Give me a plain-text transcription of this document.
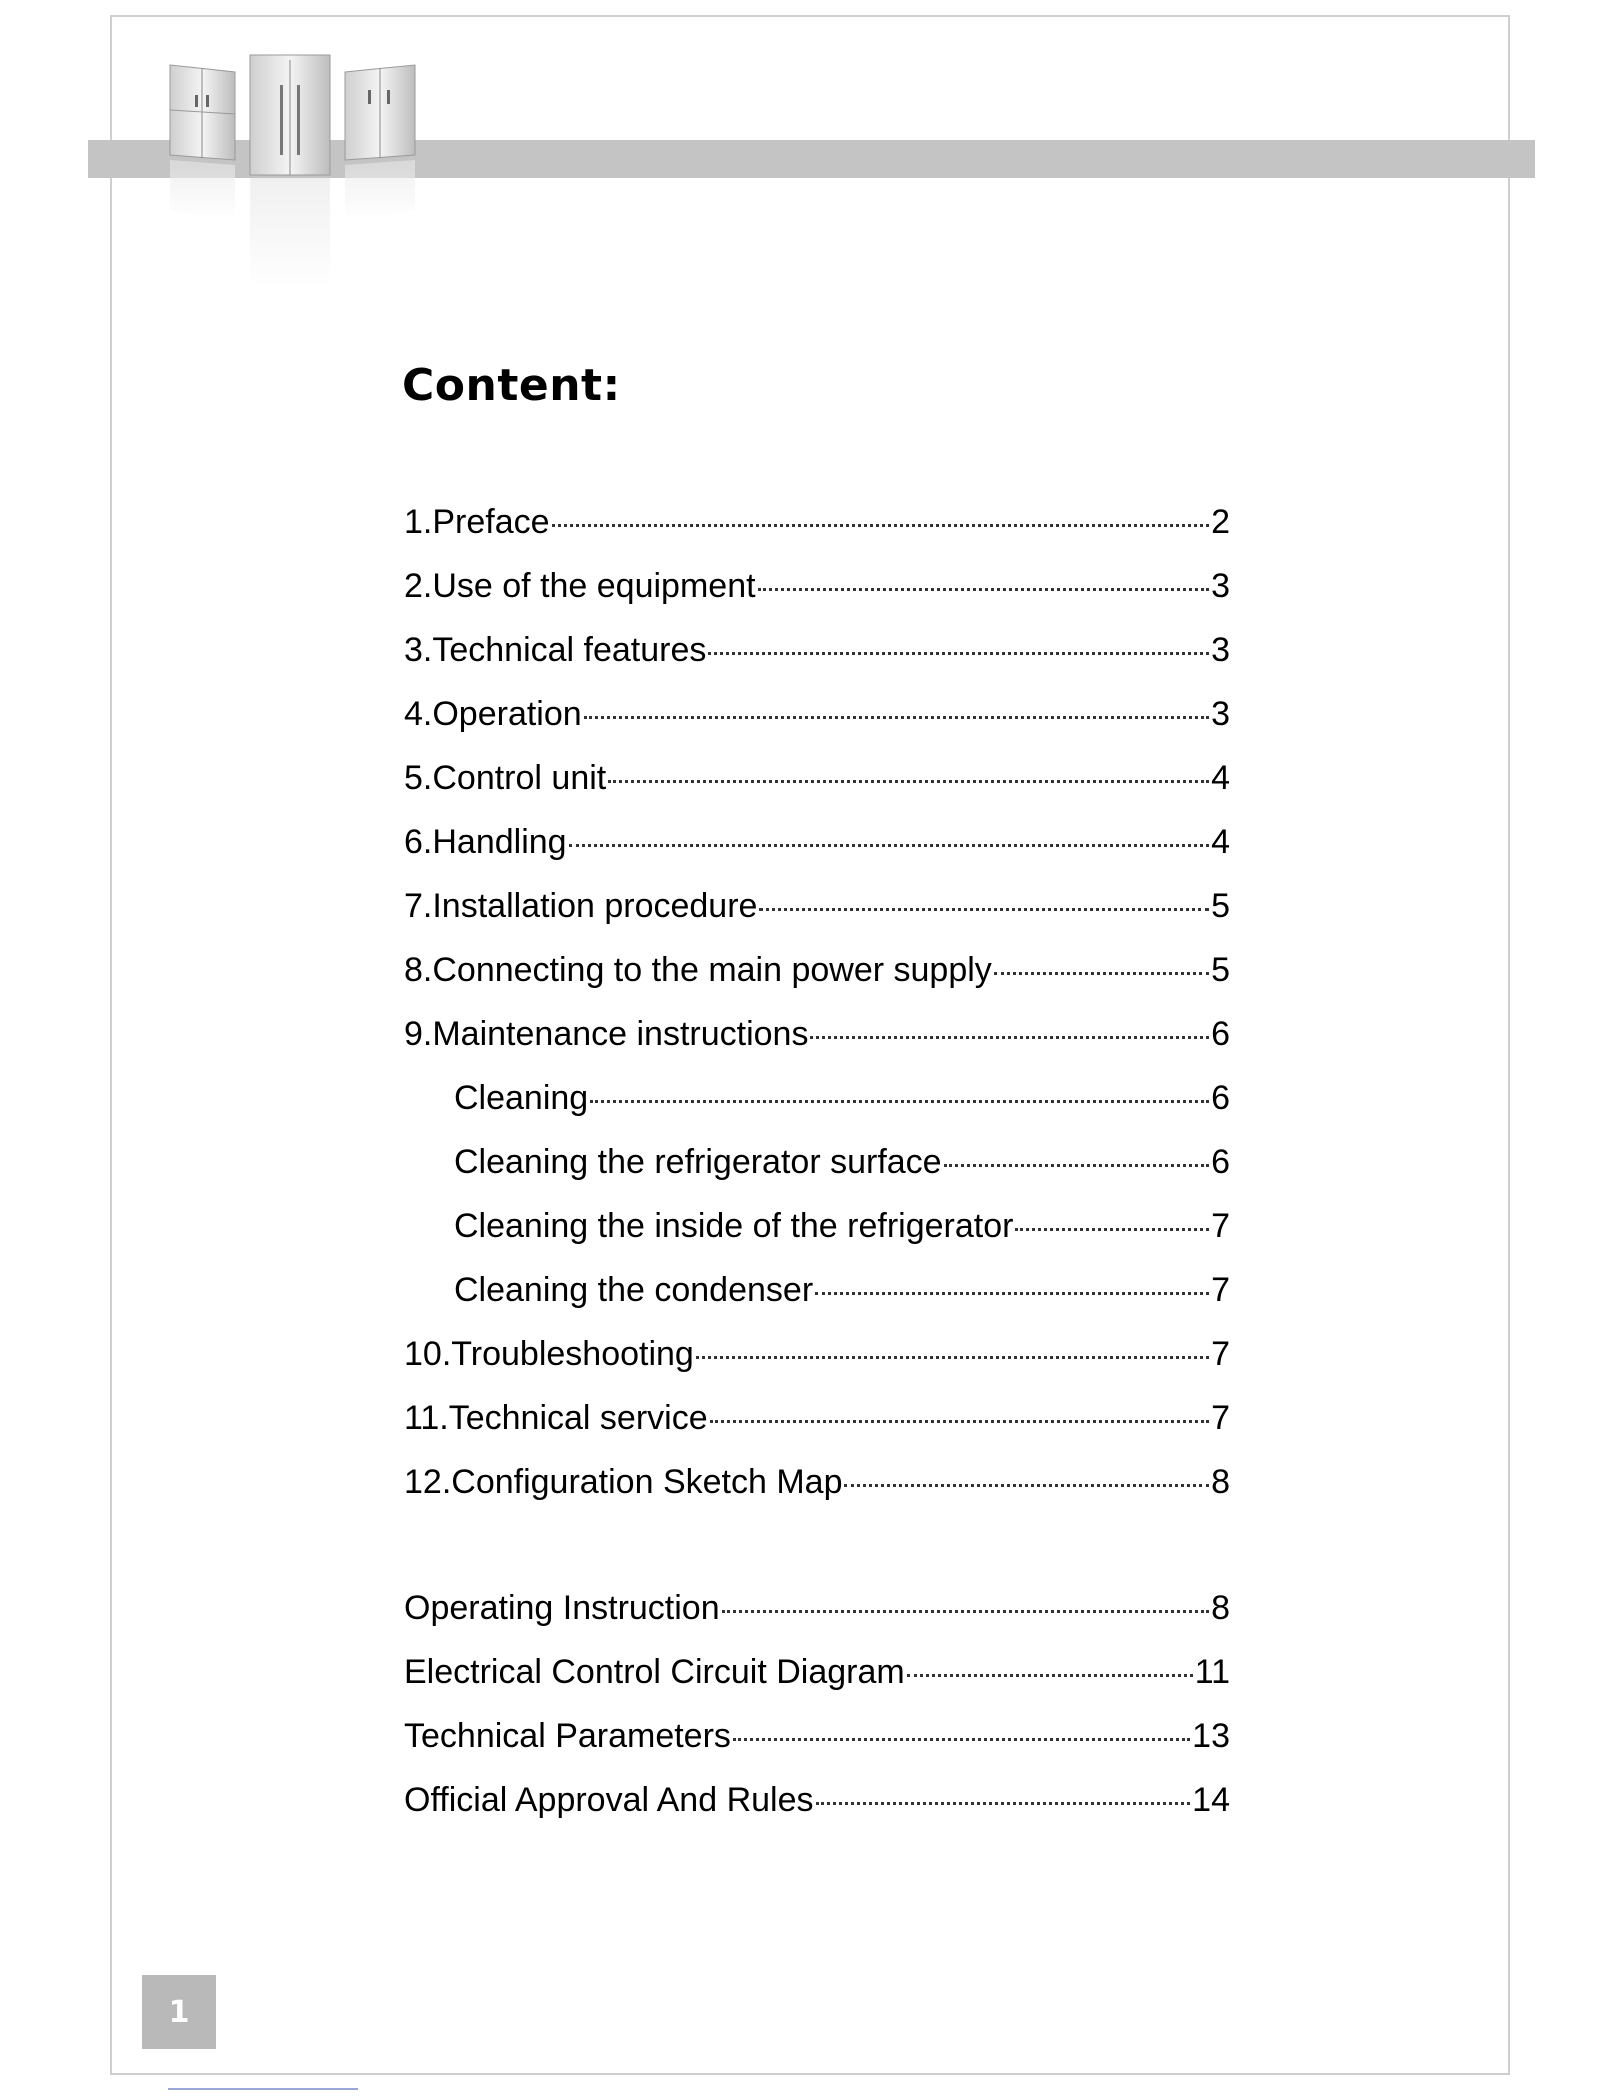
Content:
1.Preface	2
2.Use of the equipment	3
3.Technical features	3
4.Operation	3
5.Control unit	4
6.Handling	4
7.Installation procedure	5
8.Connecting to the main power supply	5
9.Maintenance instructions	6
Cleaning	6
Cleaning the refrigerator surface	6
Cleaning the inside of the refrigerator	7
Cleaning the condenser	7
10.Troubleshooting	7
11.Technical service	7
12.Configuration Sketch Map	8
Operating Instruction	8
Electrical Control Circuit Diagram	11
Technical Parameters	13
Official Approval And Rules	14
1
